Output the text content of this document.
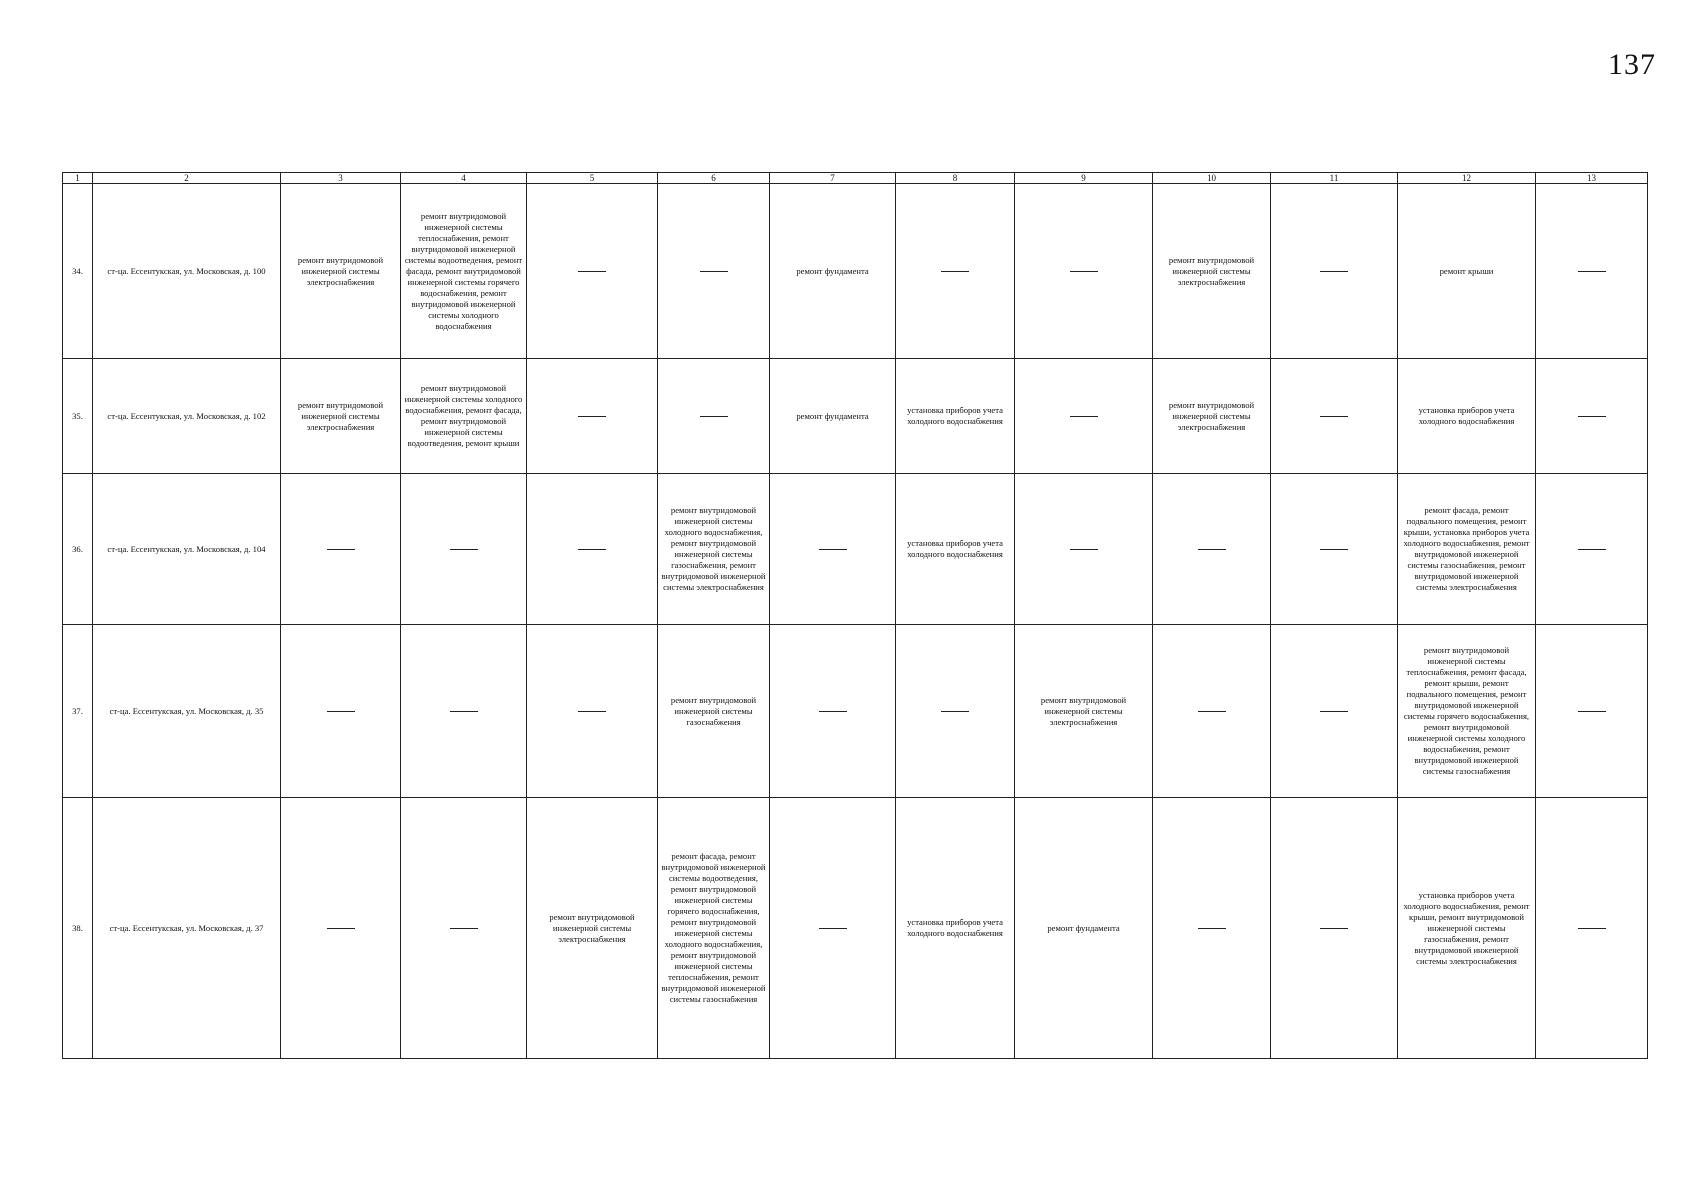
137
1	2	3	4	5	6	7	8	9	10	11	12	13
34.	ст-ца. Ессентукская, ул. Московская, д. 100	ремонт внутридомовой инженерной системы электроснабжения	ремонт внутридомовой инженерной системы теплоснабжения, ремонт внутридомовой инженерной системы водоотведения, ремонт фасада, ремонт внутридомовой инженерной системы горячего водоснабжения, ремонт внутридомовой инженерной системы холодного водоснабжения			ремонт фундамента			ремонт внутридомовой инженерной системы электроснабжения		ремонт крыши	

35.	ст-ца. Ессентукская, ул. Московская, д. 102	ремонт внутридомовой инженерной системы электроснабжения	ремонт внутридомовой инженерной системы холодного водоснабжения, ремонт фасада, ремонт внутридомовой инженерной системы водоотведения, ремонт крыши			ремонт фундамента	установка приборов учета холодного водоснабжения		ремонт внутридомовой инженерной системы электроснабжения		установка приборов учета холодного водоснабжения	

36.	ст-ца. Ессентукская, ул. Московская, д. 104				ремонт внутридомовой инженерной системы холодного водоснабжения, ремонт внутридомовой инженерной системы газоснабжения, ремонт внутридомовой инженерной системы электроснабжения		установка приборов учета холодного водоснабжения				ремонт фасада, ремонт подвального помещения, ремонт крыши, установка приборов учета холодного водоснабжения, ремонт внутридомовой инженерной системы газоснабжения, ремонт внутридомовой инженерной системы электроснабжения	

37.	ст-ца. Ессентукская, ул. Московская, д. 35				ремонт внутридомовой инженерной системы газоснабжения			ремонт внутридомовой инженерной системы электроснабжения			ремонт внутридомовой инженерной системы теплоснабжения, ремонт фасада, ремонт крыши, ремонт подвального помещения, ремонт внутридомовой инженерной системы горячего водоснабжения, ремонт внутридомовой инженерной системы холодного водоснабжения, ремонт внутридомовой инженерной системы газоснабжения	

38.	ст-ца. Ессентукская, ул. Московская, д. 37			ремонт внутридомовой инженерной системы электроснабжения	ремонт фасада, ремонт внутридомовой инженерной системы водоотведения, ремонт внутридомовой инженерной системы горячего водоснабжения, ремонт внутридомовой инженерной системы холодного водоснабжения, ремонт внутридомовой инженерной системы теплоснабжения, ремонт внутридомовой инженерной системы газоснабжения		установка приборов учета холодного водоснабжения	ремонт фундамента			установка приборов учета холодного водоснабжения, ремонт крыши, ремонт внутридомовой инженерной системы газоснабжения, ремонт внутридомовой инженерной системы электроснабжения	
